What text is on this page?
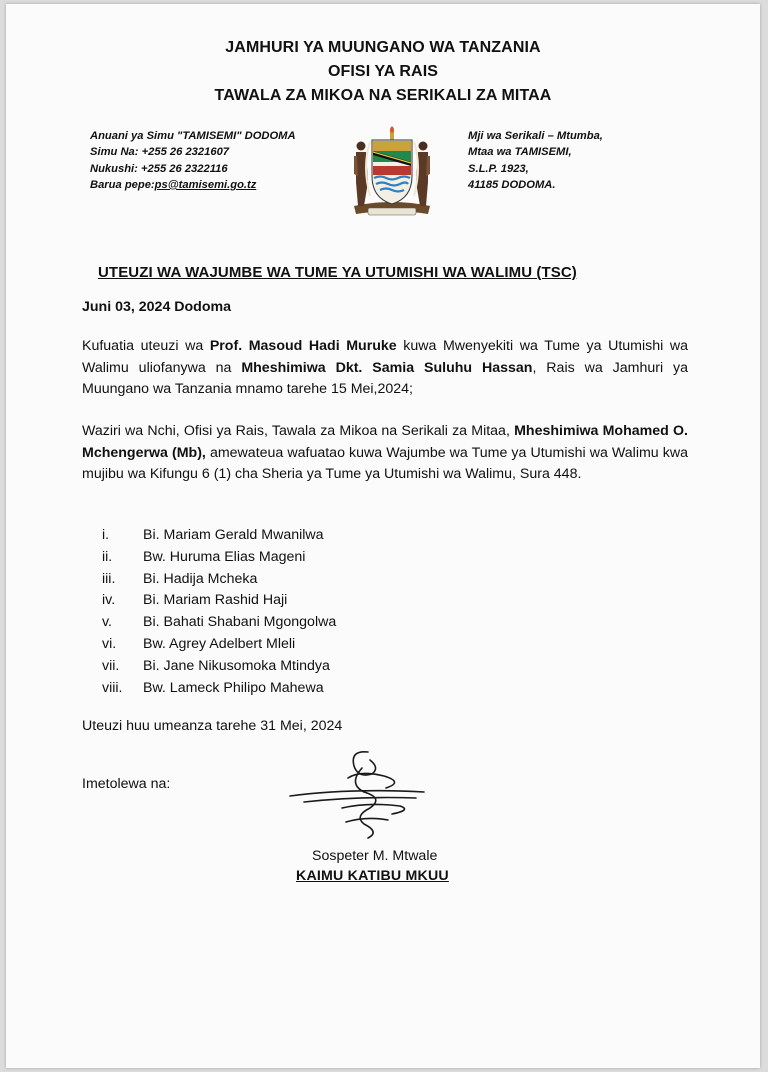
JAMHURI YA MUUNGANO WA TANZANIA
OFISI YA RAIS
TAWALA ZA MIKOA NA SERIKALI ZA MITAA
Anuani ya Simu "TAMISEMI" DODOMA
Simu Na: +255 26 2321607
Nukushi: +255 26 2322116
Barua pepe:ps@tamisemi.go.tz
Mji wa Serikali – Mtumba,
Mtaa wa TAMISEMI,
S.L.P. 1923,
41185 DODOMA.
UTEUZI WA WAJUMBE WA TUME YA UTUMISHI WA WALIMU (TSC)
Juni 03, 2024 Dodoma
Kufuatia uteuzi wa Prof. Masoud Hadi Muruke kuwa Mwenyekiti wa Tume ya Utumishi wa Walimu uliofanywa na Mheshimiwa Dkt. Samia Suluhu Hassan, Rais wa Jamhuri ya Muungano wa Tanzania mnamo tarehe 15 Mei,2024;
Waziri wa Nchi, Ofisi ya Rais, Tawala za Mikoa na Serikali za Mitaa, Mheshimiwa Mohamed O. Mchengerwa (Mb), amewateua wafuatao kuwa Wajumbe wa Tume ya Utumishi wa Walimu kwa mujibu wa Kifungu 6 (1) cha Sheria ya Tume ya Utumishi wa Walimu, Sura 448.
i.	Bi. Mariam Gerald Mwanilwa
ii.	Bw. Huruma Elias Mageni
iii.	Bi. Hadija Mcheka
iv.	Bi. Mariam Rashid Haji
v.	Bi. Bahati Shabani Mgongolwa
vi.	Bw. Agrey Adelbert Mleli
vii.	Bi. Jane Nikusomoka Mtindya
viii.	Bw. Lameck Philipo Mahewa
Uteuzi huu umeanza tarehe 31 Mei, 2024
Imetolewa na:
Sospeter M. Mtwale
KAIMU KATIBU MKUU
